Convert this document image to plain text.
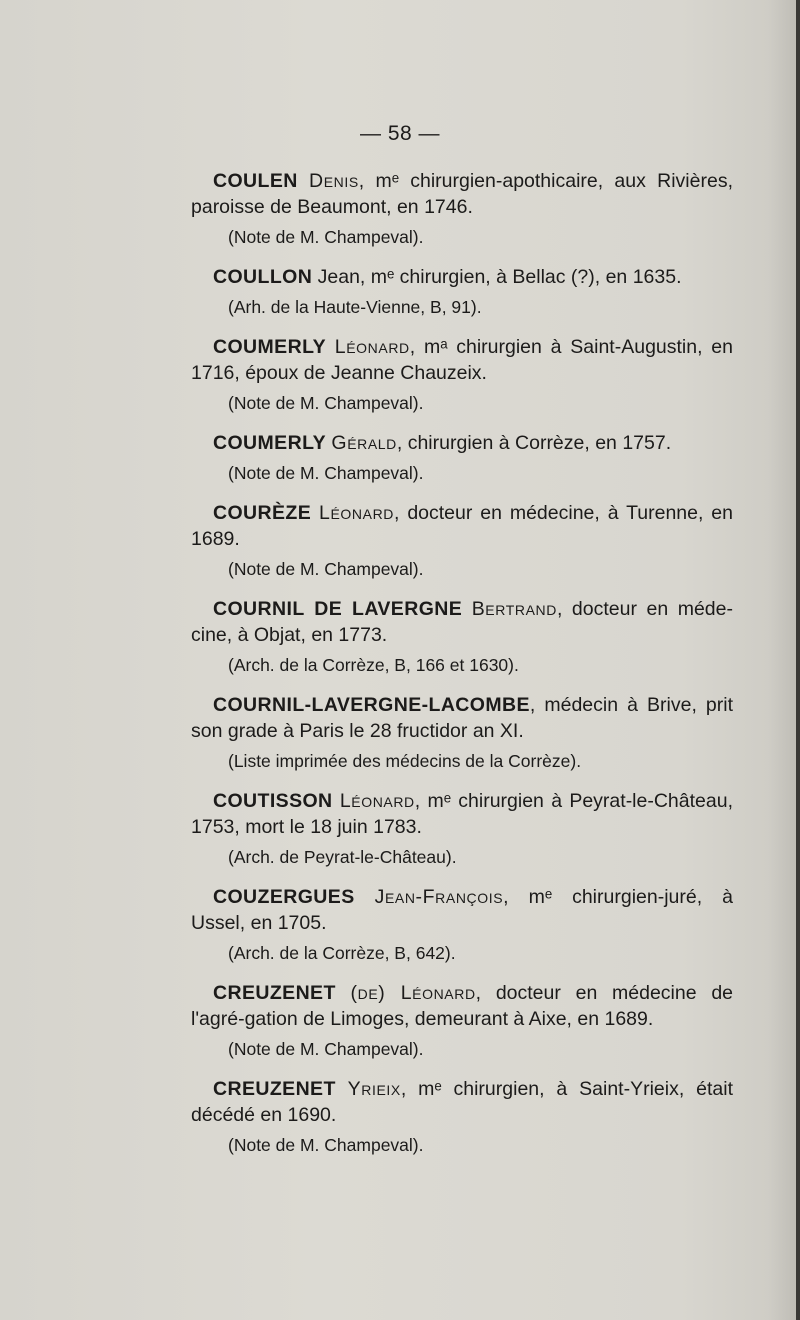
— 58 —
COULEN Denis, mᵉ chirurgien-apothicaire, aux Rivières, paroisse de Beaumont, en 1746.
(Note de M. Champeval).
COULLON Jean, mᵉ chirurgien, à Bellac (?), en 1635.
(Arh. de la Haute-Vienne, B, 91).
COUMERLY Léonard, mᵃ chirurgien à Saint-Augustin, en 1716, époux de Jeanne Chauzeix.
(Note de M. Champeval).
COUMERLY Gérald, chirurgien à Corrèze, en 1757.
(Note de M. Champeval).
COURÈZE Léonard, docteur en médecine, à Turenne, en 1689.
(Note de M. Champeval).
COURNIL DE LAVERGNE Bertrand, docteur en méde-cine, à Objat, en 1773.
(Arch. de la Corrèze, B, 166 et 1630).
COURNIL-LAVERGNE-LACOMBE, médecin à Brive, prit son grade à Paris le 28 fructidor an XI.
(Liste imprimée des médecins de la Corrèze).
COUTISSON Léonard, mᵉ chirurgien à Peyrat-le-Château, 1753, mort le 18 juin 1783.
(Arch. de Peyrat-le-Château).
COUZERGUES Jean-François, mᵉ chirurgien-juré, à Ussel, en 1705.
(Arch. de la Corrèze, B, 642).
CREUZENET (de) Léonard, docteur en médecine de l'agré-gation de Limoges, demeurant à Aixe, en 1689.
(Note de M. Champeval).
CREUZENET Yrieix, mᵉ chirurgien, à Saint-Yrieix, était décédé en 1690.
(Note de M. Champeval).
